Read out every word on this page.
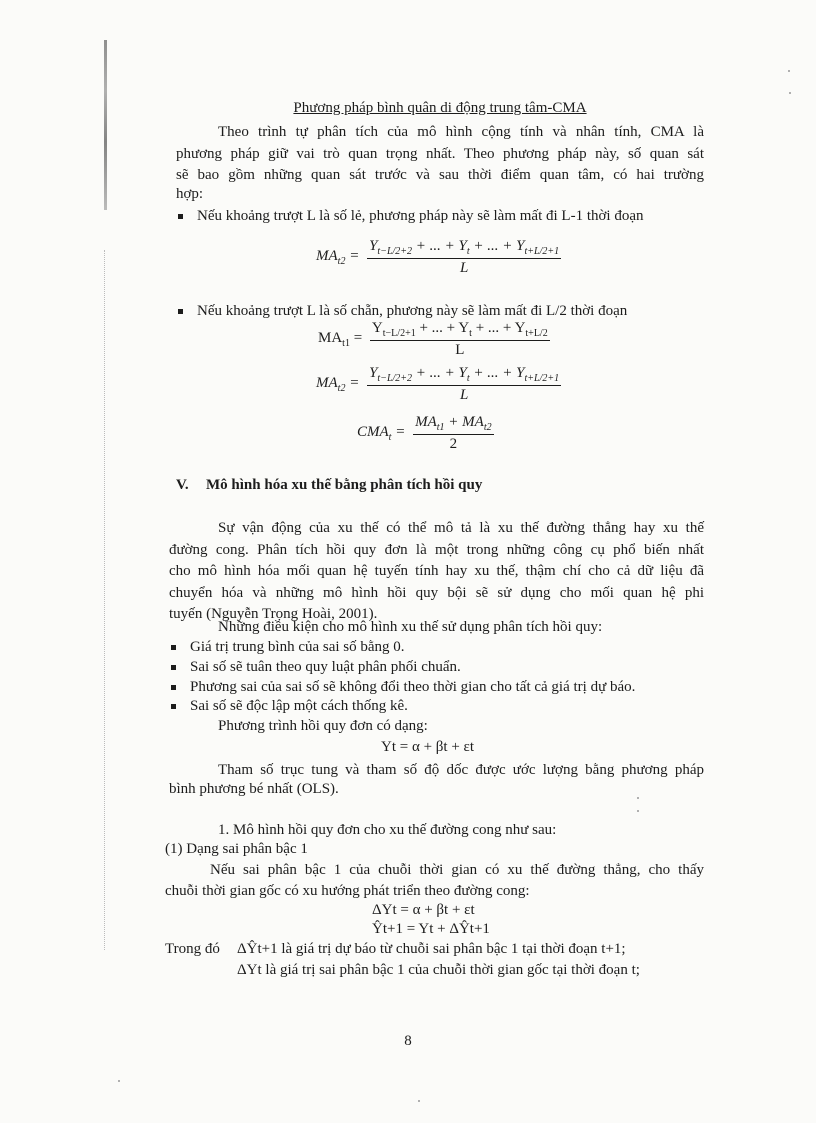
Phương pháp bình quân di động trung tâm-CMA
Theo trình tự phân tích của mô hình cộng tính và nhân tính, CMA là
phương pháp giữ vai trò quan trọng nhất. Theo phương pháp này, số quan sát
sẽ bao gồm những quan sát trước và sau thời điểm quan tâm, có hai trường
hợp:
Nếu khoảng trượt L là số lẻ, phương pháp này sẽ làm mất đi L-1 thời đoạn
$MA_{t2} = \frac{Y_{t-L/2+2} + ... + Y_t + ... + Y_{t+L/2+1}}{L}$
Nếu khoảng trượt L là số chẵn, phương này sẽ làm mất đi L/2 thời đoạn
$MA_{t1} = \frac{Y_{t-L/2+1} + ... + Y_t + ... + Y_{t+L/2}}{L}$
$MA_{t2} = \frac{Y_{t-L/2+2} + ... + Y_t + ... + Y_{t+L/2+1}}{L}$
$CMA_t = \frac{MA_{t1} + MA_{t2}}{2}$
V. Mô hình hóa xu thế bằng phân tích hồi quy
Sự vận động của xu thế có thể mô tả là xu thế đường thẳng hay xu thế
đường cong. Phân tích hồi quy đơn là một trong những công cụ phổ biến nhất
cho mô hình hóa mối quan hệ tuyến tính hay xu thế, thậm chí cho cả dữ liệu đã
chuyển hóa và những mô hình hồi quy bội sẽ sử dụng cho mối quan hệ phi
tuyến (Nguyễn Trọng Hoài, 2001).
Những điều kiện cho mô hình xu thế sử dụng phân tích hồi quy:
Giá trị trung bình của sai số bằng 0.
Sai số sẽ tuân theo quy luật phân phối chuẩn.
Phương sai của sai số sẽ không đổi theo thời gian cho tất cả giá trị dự báo.
Sai số sẽ độc lập một cách thống kê.
Phương trình hồi quy đơn có dạng:
Yt = α + βt + εt
Tham số trục tung và tham số độ dốc được ước lượng bằng phương pháp
bình phương bé nhất (OLS).
1. Mô hình hồi quy đơn cho xu thế đường cong như sau:
(1) Dạng sai phân bậc 1
Nếu sai phân bậc 1 của chuỗi thời gian có xu thế đường thẳng, cho thấy
chuỗi thời gian gốc có xu hướng phát triển theo đường cong:
ΔYt = α + βt + εt
Ŷt+1 = Yt + ΔŶt+1
Trong đó ΔŶt+1 là giá trị dự báo từ chuỗi sai phân bậc 1 tại thời đoạn t+1;
ΔYt là giá trị sai phân bậc 1 của chuỗi thời gian gốc tại thời đoạn t;
8
